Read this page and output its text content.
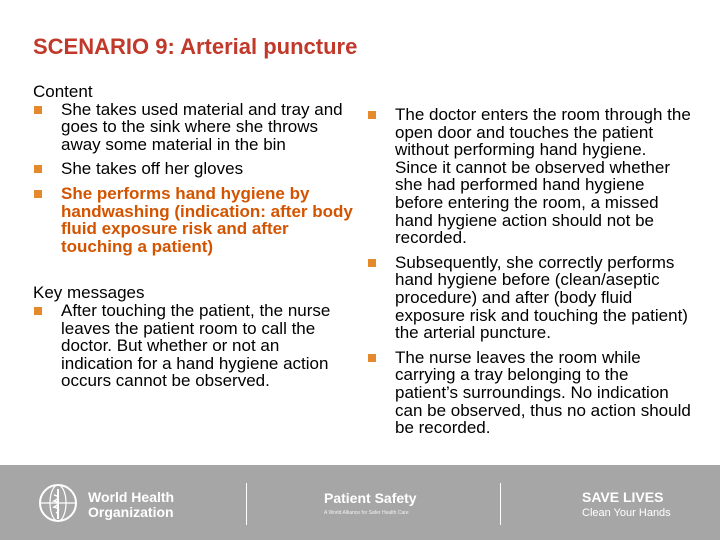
SCENARIO 9: Arterial puncture

Content

She takes used material and tray and goes to the sink where she throws away some material in the bin
She takes off her gloves
She performs hand hygiene by handwashing (indication: after body fluid exposure risk and after touching a patient)

Key messages

After touching the patient, the nurse leaves the patient room to call the doctor. But whether or not an indication for a hand hygiene action occurs cannot be observed.
The doctor enters the room through the open door and touches the patient without performing hand hygiene. Since it cannot be observed whether she had performed hand hygiene before entering the room, a missed hand hygiene action should not be recorded.
Subsequently, she correctly performs hand hygiene before (clean/aseptic procedure) and after (body fluid exposure risk and touching the patient) the arterial puncture.
The nurse leaves the room while carrying a tray belonging to the patient’s surroundings. No indication can be observed, thus no action should be recorded.
World Health
Organization
Patient Safety
A World Alliance for Safer Health Care
SAVE LIVES
Clean Your Hands
